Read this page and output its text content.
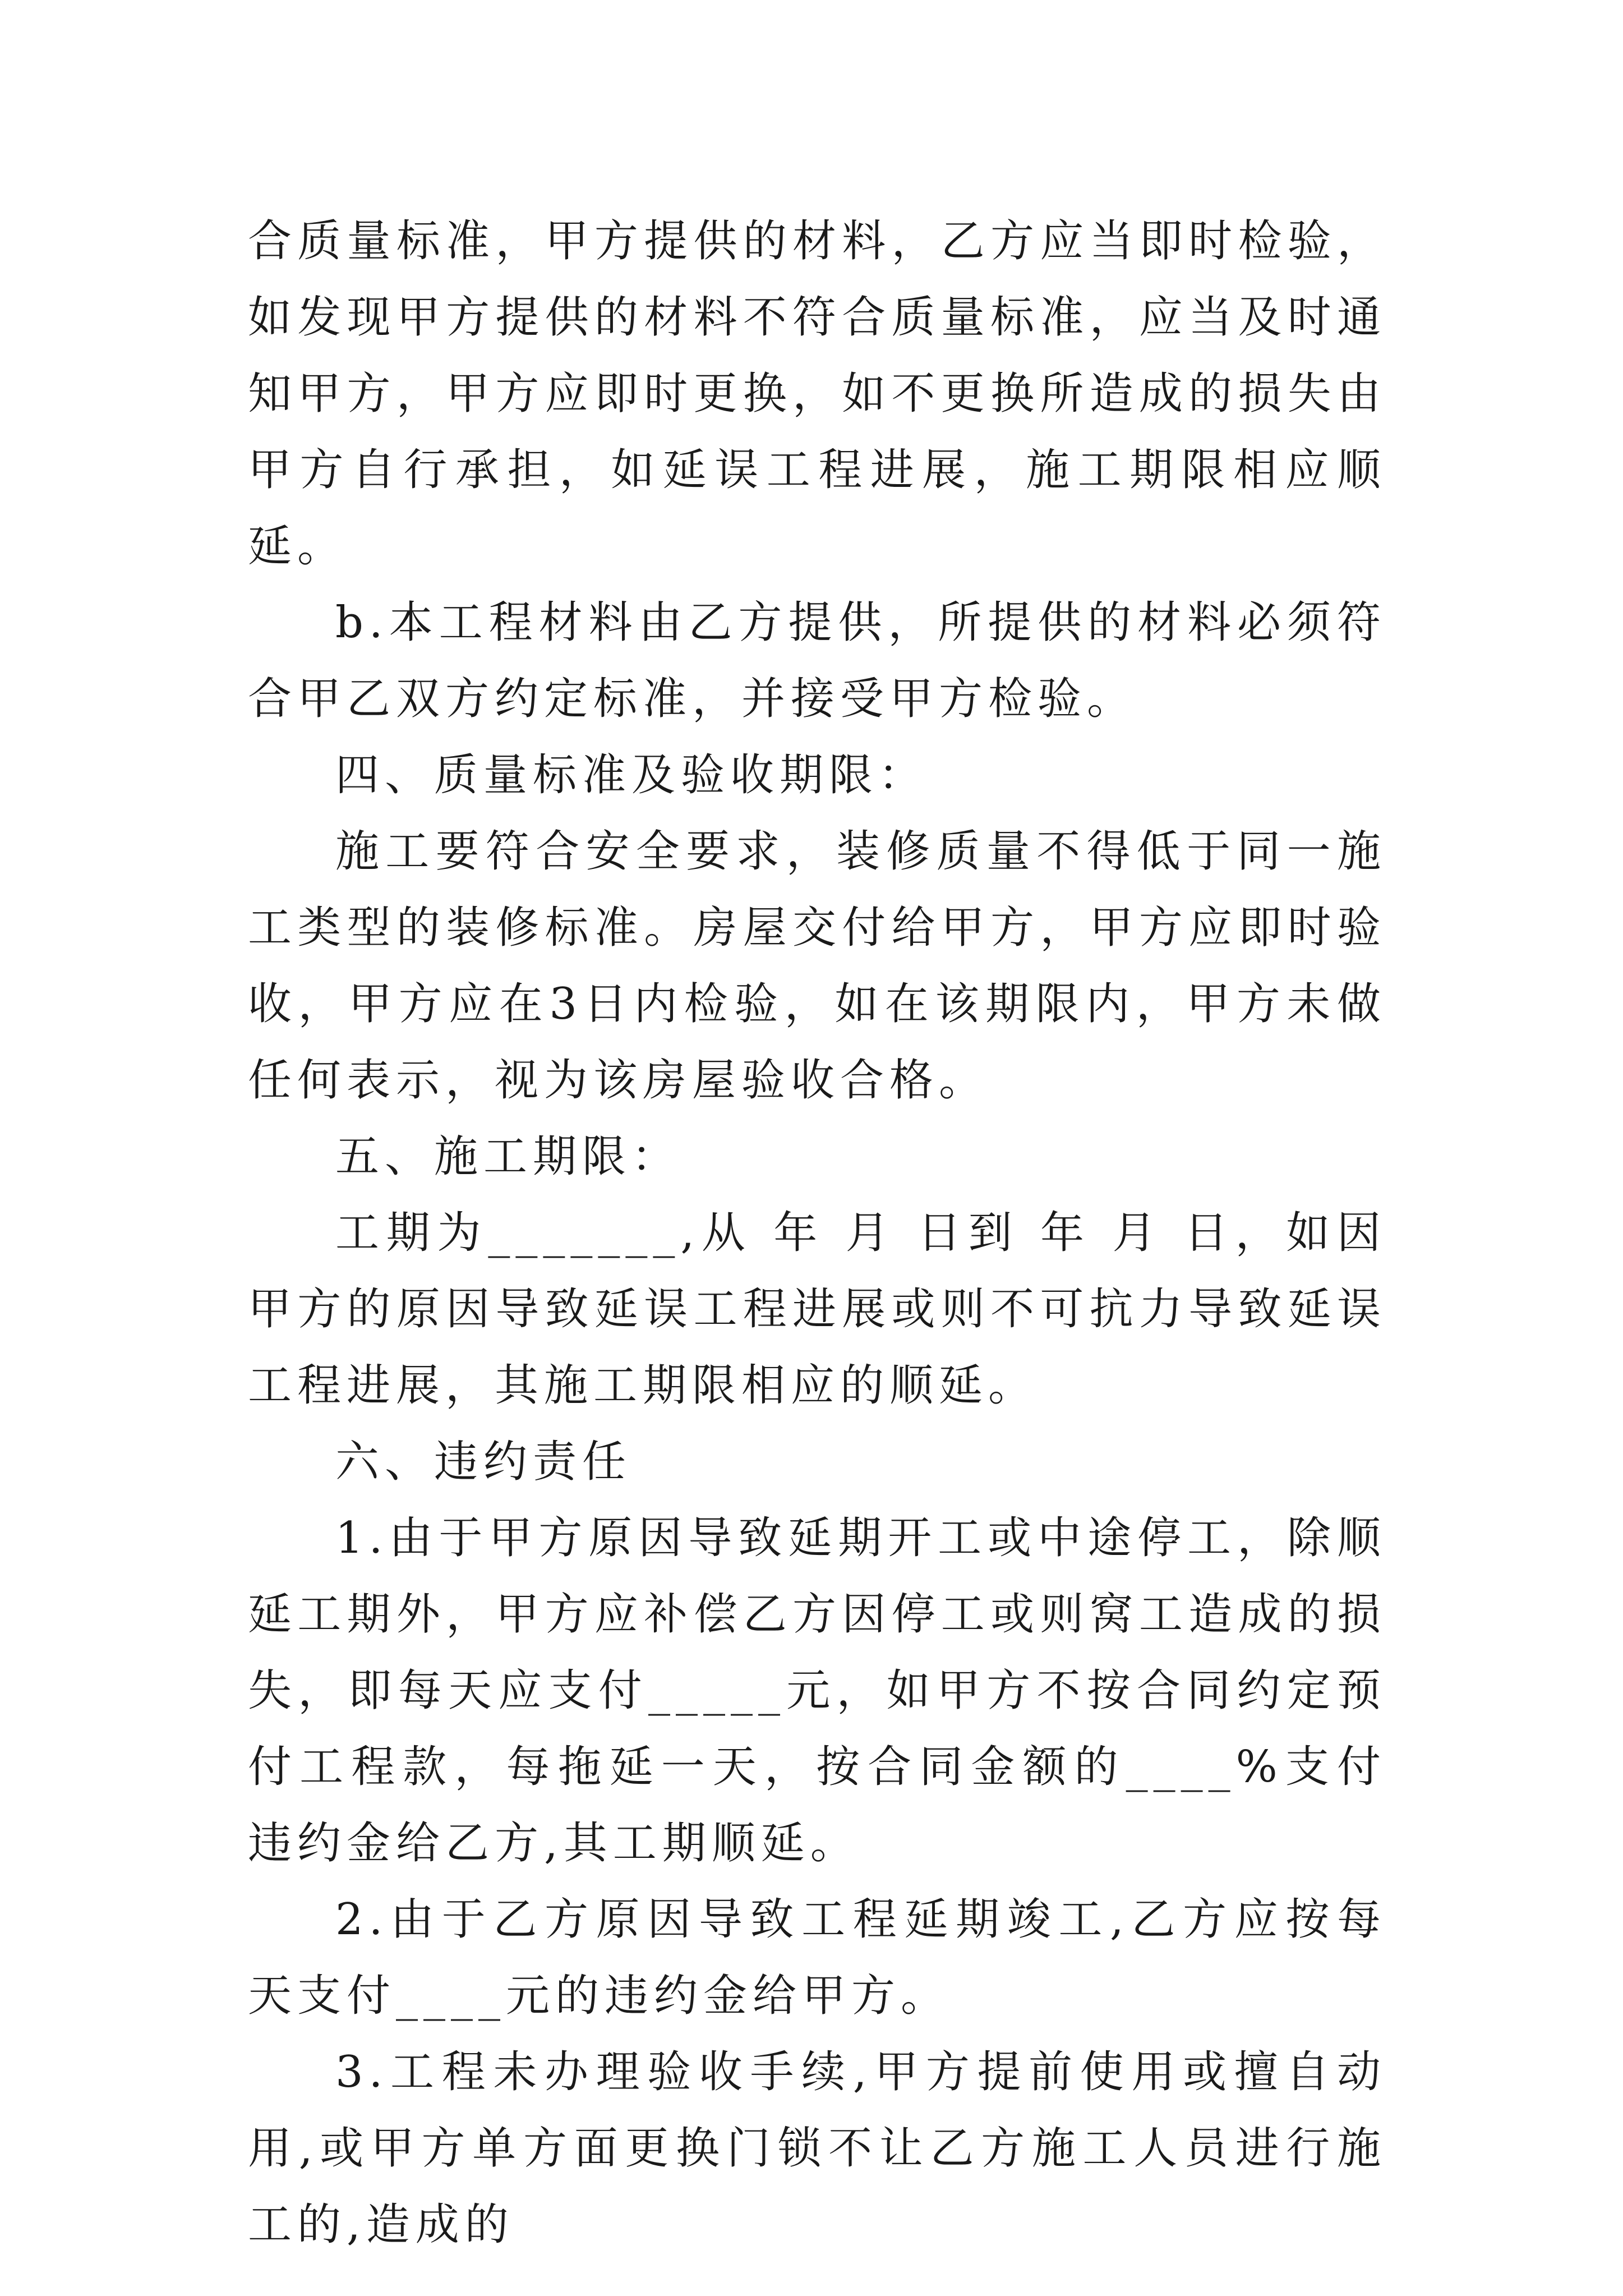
合质量标准，甲方提供的材料，乙方应当即时检验，如发现甲方提供的材料不符合质量标准，应当及时通知甲方，甲方应即时更换，如不更换所造成的损失由甲方自行承担，如延误工程进展，施工期限相应顺延。

b.本工程材料由乙方提供，所提供的材料必须符合甲乙双方约定标准，并接受甲方检验。

四、质量标准及验收期限：

施工要符合安全要求，装修质量不得低于同一施工类型的装修标准。房屋交付给甲方，甲方应即时验收，甲方应在3日内检验，如在该期限内，甲方未做任何表示，视为该房屋验收合格。

五、施工期限：

工期为_______,从 年 月 日到 年 月 日，如因甲方的原因导致延误工程进展或则不可抗力导致延误工程进展，其施工期限相应的顺延。

六、违约责任

1.由于甲方原因导致延期开工或中途停工，除顺延工期外，甲方应补偿乙方因停工或则窝工造成的损失，即每天应支付_____元，如甲方不按合同约定预付工程款，每拖延一天，按合同金额的____%支付违约金给乙方,其工期顺延。

2.由于乙方原因导致工程延期竣工,乙方应按每天支付____元的违约金给甲方。

3.工程未办理验收手续,甲方提前使用或擅自动用,或甲方单方面更换门锁不让乙方施工人员进行施工的,造成的
